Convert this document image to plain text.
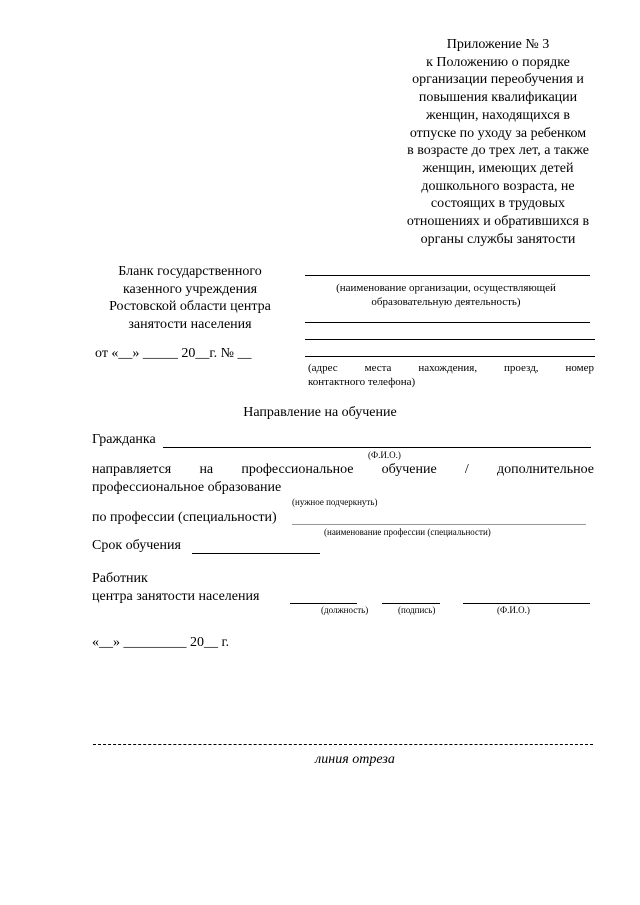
Приложение № 3
к Положению о порядке
организации переобучения и
повышения квалификации
женщин, находящихся в
отпуске по уходу за ребенком
в возрасте до трех лет, а также
женщин, имеющих детей
дошкольного возраста, не
состоящих в трудовых
отношениях и обратившихся в
органы службы занятости
Бланк государственного
казенного учреждения
Ростовской области центра
занятости населения
от «__» _____ 20__г. № __
(наименование организации, осуществляющей
образовательную деятельность)
(адрес места нахождения, проезд, номер
контактного телефона)
Направление на обучение
Гражданка
(Ф.И.О.)
направляется на профессиональное обучение / дополнительное
профессиональное образование
(нужное подчеркнуть)
по профессии (специальности)
(наименование профессии (специальности)
Срок обучения
Работник
центра занятости населения
(должность)	(подпись)	(Ф.И.О.)
«__» _________ 20__ г.
линия отреза
